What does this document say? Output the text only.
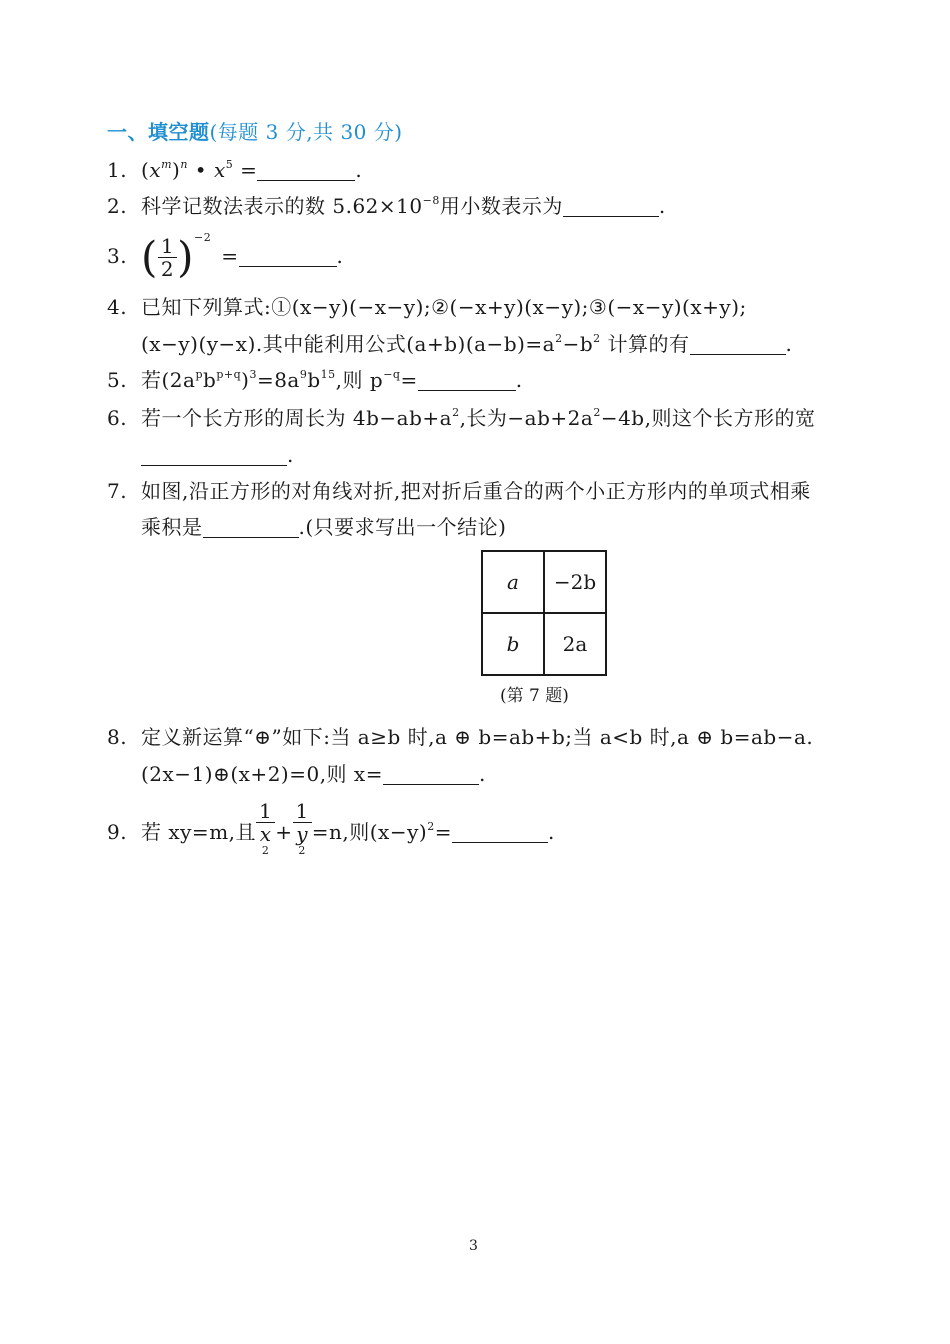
一、填空题(每题 3 分,共 30 分)
1. $(x^m)^n$ • $x^5$ =	.
2. 科学记数法表示的数 $5.62\times 10^{-8}$用小数表示为	.
3. ( $\frac{1}{2} )^{-2}=$	.
4. 已知下列算式:①(x−y)(−x−y);②(−x+y)(x−y);③(−x−y)(x+y);
(x−y)(y−x).其中能利用公式$(a+b)(a-b)=a^2-b^2$ 计算的有	.
5. 若$(2a^pb^{p+q})^3=8a^9b^{15}$,则 $p^{-q}=$	.
6. 若一个长方形的周长为 $4b-ab+a^2$,长为$-ab+2a^2-4b$,则这个长方形的宽
.
7. 如图,沿正方形的对角线对折,把对折后重合的两个小正方形内的单项式相乘
乘积是	.(只要求写出一个结论)
a	−2b
b	2a
(第 7 题)
8. 定义新运算“⊕”如下:当 a≥b 时,a ⊕ b=ab+b;当 a<b 时,a ⊕ b=ab−a.
(2x−1)⊕(x+2)=0,则 x=	.
9. 若 xy=m,且 1
x
$^2$ + 1
y
$^2$ =n,则$(x-y)^2=$	.
3
